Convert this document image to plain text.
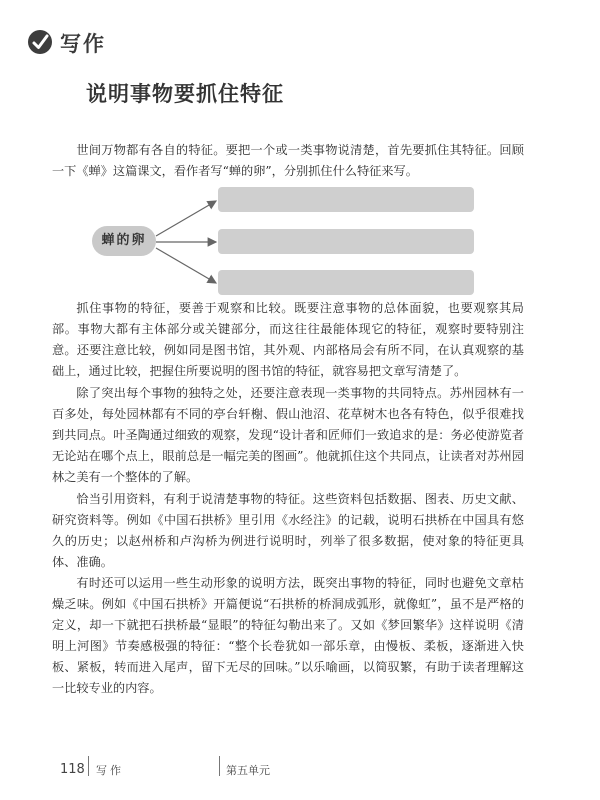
写作
说明事物要抓住特征

世间万物都有各自的特征。要把一个或一类事物说清楚，首先要抓住其特征。回顾一下《蝉》这篇课文，看作者写“蝉的卵”，分别抓住什么特征来写。

蝉的卵

抓住事物的特征，要善于观察和比较。既要注意事物的总体面貌，也要观察其局部。事物大都有主体部分或关键部分，而这往往最能体现它的特征，观察时要特别注意。还要注意比较，例如同是图书馆，其外观、内部格局会有所不同，在认真观察的基础上，通过比较，把握住所要说明的图书馆的特征，就容易把文章写清楚了。

除了突出每个事物的独特之处，还要注意表现一类事物的共同特点。苏州园林有一百多处，每处园林都有不同的亭台轩榭、假山池沼、花草树木也各有特色，似乎很难找到共同点。叶圣陶通过细致的观察，发现“设计者和匠师们一致追求的是：务必使游览者无论站在哪个点上，眼前总是一幅完美的图画”。他就抓住这个共同点，让读者对苏州园林之美有一个整体的了解。

恰当引用资料，有利于说清楚事物的特征。这些资料包括数据、图表、历史文献、研究资料等。例如《中国石拱桥》里引用《水经注》的记载，说明石拱桥在中国具有悠久的历史；以赵州桥和卢沟桥为例进行说明时，列举了很多数据，使对象的特征更具体、准确。

有时还可以运用一些生动形象的说明方法，既突出事物的特征，同时也避免文章枯燥乏味。例如《中国石拱桥》开篇便说“石拱桥的桥洞成弧形，就像虹”，虽不是严格的定义，却一下就把石拱桥最“显眼”的特征勾勒出来了。又如《梦回繁华》这样说明《清明上河图》节奏感极强的特征：“整个长卷犹如一部乐章，由慢板、柔板，逐渐进入快板、紧板，转而进入尾声，留下无尽的回味。”以乐喻画，以简驭繁，有助于读者理解这一比较专业的内容。

118 写作	第五单元
